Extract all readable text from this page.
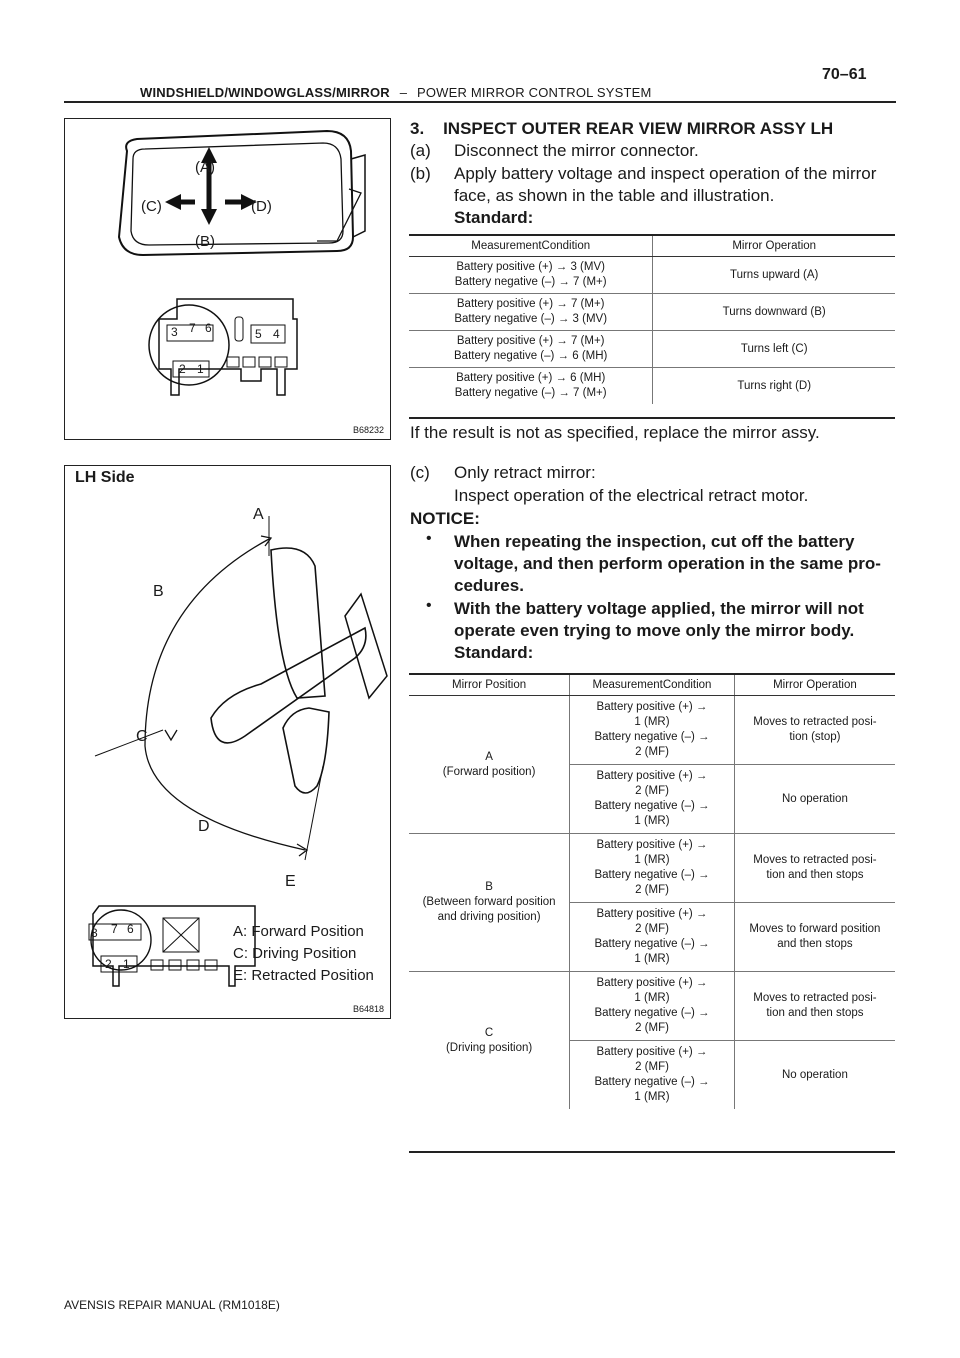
70–61
WINDSHIELD/WINDOWGLASS/MIRROR – POWER MIRROR CONTROL SYSTEM
(A)
(B)
(C)	(D)
3 7 6	5 4
2 1
B68232
LH Side
A
B
C
D
E
3 7 6
2 1
A: Forward Position
C: Driving Position
E: Retracted Position
B64818
3.    INSPECT OUTER REAR VIEW MIRROR ASSY LH
(a) Disconnect the mirror connector.
(b) Apply battery voltage and inspect operation of the mirror
face, as shown in the table and illustration.
Standard:
MeasurementCondition	Mirror Operation
Battery positive (+) → 3 (MV)
Battery negative (–) → 7 (M+)	Turns upward (A)
Battery positive (+) → 7 (M+)
Battery negative (–) → 3 (MV)	Turns downward (B)
Battery positive (+) → 7 (M+)
Battery negative (–) → 6 (MH)	Turns left (C)
Battery positive (+) → 6 (MH)
Battery negative (–) → 7 (M+)	Turns right (D)
If the result is not as specified, replace the mirror assy.
(c) Only retract mirror:
Inspect operation of the electrical retract motor.
NOTICE:
• When repeating the inspection, cut off the battery
voltage, and then perform operation in the same pro-
cedures.
• With the battery voltage applied, the mirror will not
operate even trying to move only the mirror body.
Standard:
Mirror Position	MeasurementCondition	Mirror Operation
A
(Forward position)	Battery positive (+) →
1 (MR)
Battery negative (–) →
2 (MF)	Moves to retracted posi-
tion (stop)
	Battery positive (+) →
2 (MF)
Battery negative (–) →
1 (MR)	No operation
B
(Between forward position
and driving position)	Battery positive (+) →
1 (MR)
Battery negative (–) →
2 (MF)	Moves to retracted posi-
tion and then stops
	Battery positive (+) →
2 (MF)
Battery negative (–) →
1 (MR)	Moves to forward position
and then stops
C
(Driving position)	Battery positive (+) →
1 (MR)
Battery negative (–) →
2 (MF)	Moves to retracted posi-
tion and then stops
	Battery positive (+) →
2 (MF)
Battery negative (–) →
1 (MR)	No operation
AVENSIS REPAIR MANUAL (RM1018E)
